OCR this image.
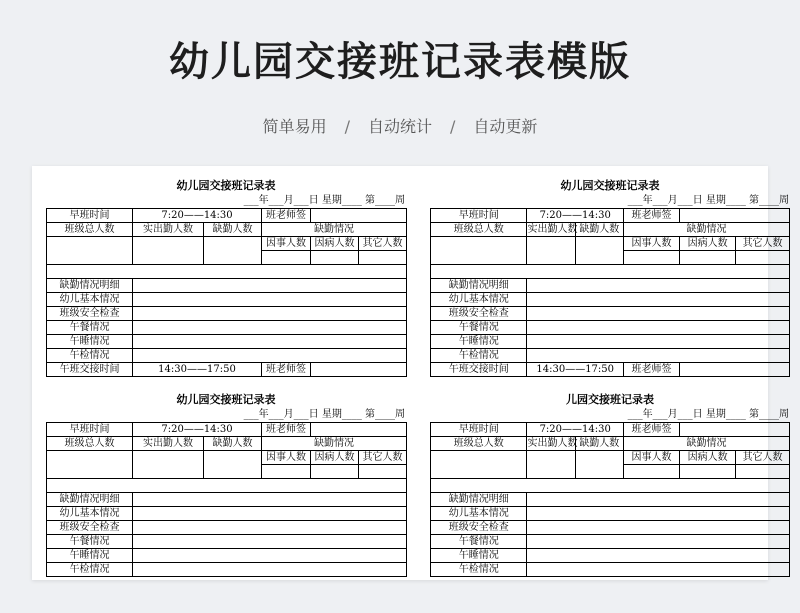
幼儿园交接班记录表模版
简单易用 / 自动统计 / 自动更新
幼儿园交接班记录表
___年___月___日 星期____ 第____周
早班时间	7:20——14:30		班老师签		
班级总人数	实出勤人数	缺勤人数	缺勤情况		
			因事人数	因病人数	其它人数

缺勤情况明细					
幼儿基本情况					
班级安全检查					
午餐情况					
午睡情况					
午检情况					
午班交接时间	14:30——17:50		班老师签		
幼儿园交接班记录表
___年___月___日 星期____ 第____周
早班时间	7:20——14:30		班老师签		
班级总人数	实出勤人数	缺勤人数	缺勤情况		
			因事人数	因病人数	其它人数

缺勤情况明细					
幼儿基本情况					
班级安全检查					
午餐情况					
午睡情况					
午检情况					
午班交接时间	14:30——17:50		班老师签		
幼儿园交接班记录表
___年___月___日 星期____ 第____周
早班时间	7:20——14:30		班老师签		
班级总人数	实出勤人数	缺勤人数	缺勤情况		
			因事人数	因病人数	其它人数

缺勤情况明细					
幼儿基本情况					
班级安全检查					
午餐情况					
午睡情况					
午检情况					
儿园交接班记录表
___年___月___日 星期____ 第____周
早班时间	7:20——14:30		班老师签		
班级总人数	实出勤人数	缺勤人数	缺勤情况		
			因事人数	因病人数	其它人数

缺勤情况明细					
幼儿基本情况					
班级安全检查					
午餐情况					
午睡情况					
午检情况					
